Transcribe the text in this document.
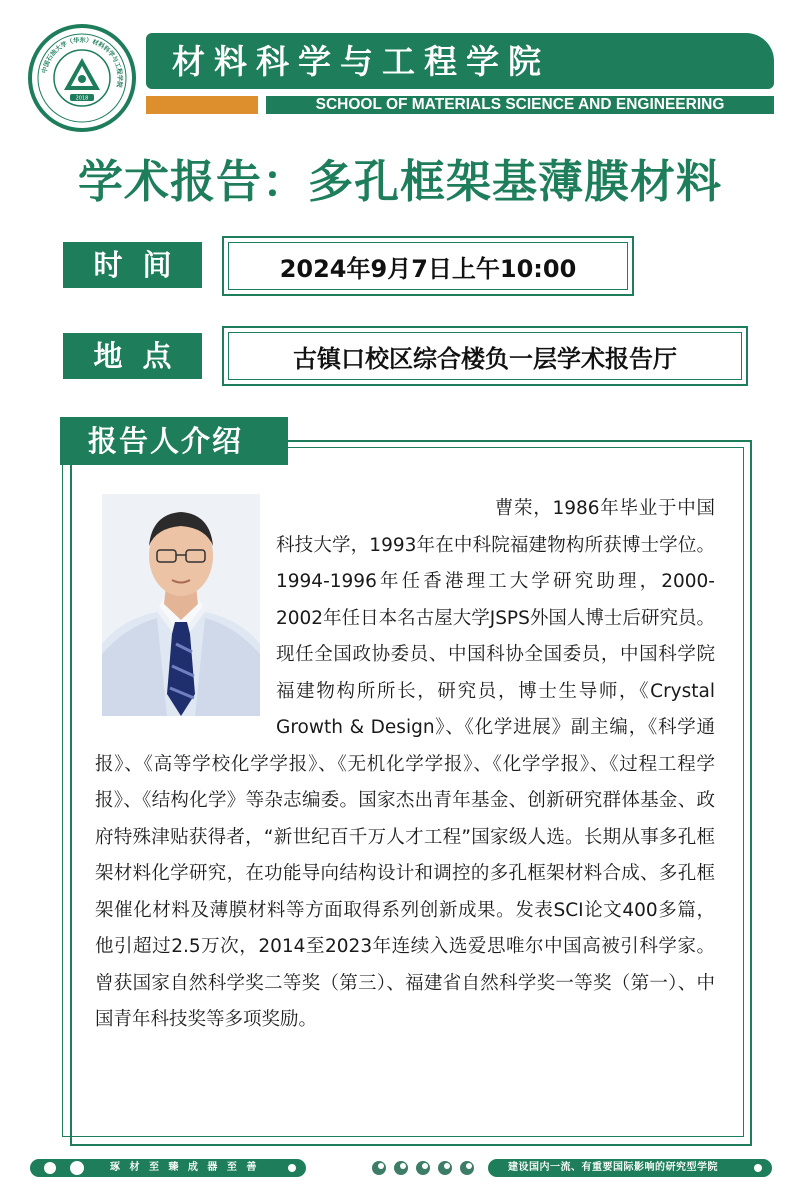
中国石油大学（华东）材料科学与工程学院
2018
材料科学与工程学院
SCHOOL OF MATERIALS SCIENCE AND ENGINEERING
学术报告：多孔框架基薄膜材料
时间	2024年9月7日上午10:00
地点	古镇口校区综合楼负一层学术报告厅
报告人介绍
曹荣，1986年毕业于中国科技大学，1993年在中科院福建物构所获博士学位。1994-1996年任香港理工大学研究助理，2000-2002年任日本名古屋大学JSPS外国人博士后研究员。现任全国政协委员、中国科协全国委员，中国科学院福建物构所所长，研究员，博士生导师，《Crystal Growth & Design》、《化学进展》副主编，《科学通报》、《高等学校化学学报》、《无机化学学报》、《化学学报》、《过程工程学报》、《结构化学》等杂志编委。国家杰出青年基金、创新研究群体基金、政府特殊津贴获得者，“新世纪百千万人才工程”国家级人选。长期从事多孔框架材料化学研究，在功能导向结构设计和调控的多孔框架材料合成、多孔框架催化材料及薄膜材料等方面取得系列创新成果。发表SCI论文400多篇，他引超过2.5万次，2014至2023年连续入选爱思唯尔中国高被引科学家。曾获国家自然科学奖二等奖（第三）、福建省自然科学奖一等奖（第一）、中国青年科技奖等多项奖励。
琢 材 至 臻 成 器 至 善	建设国内一流、有重要国际影响的研究型学院
